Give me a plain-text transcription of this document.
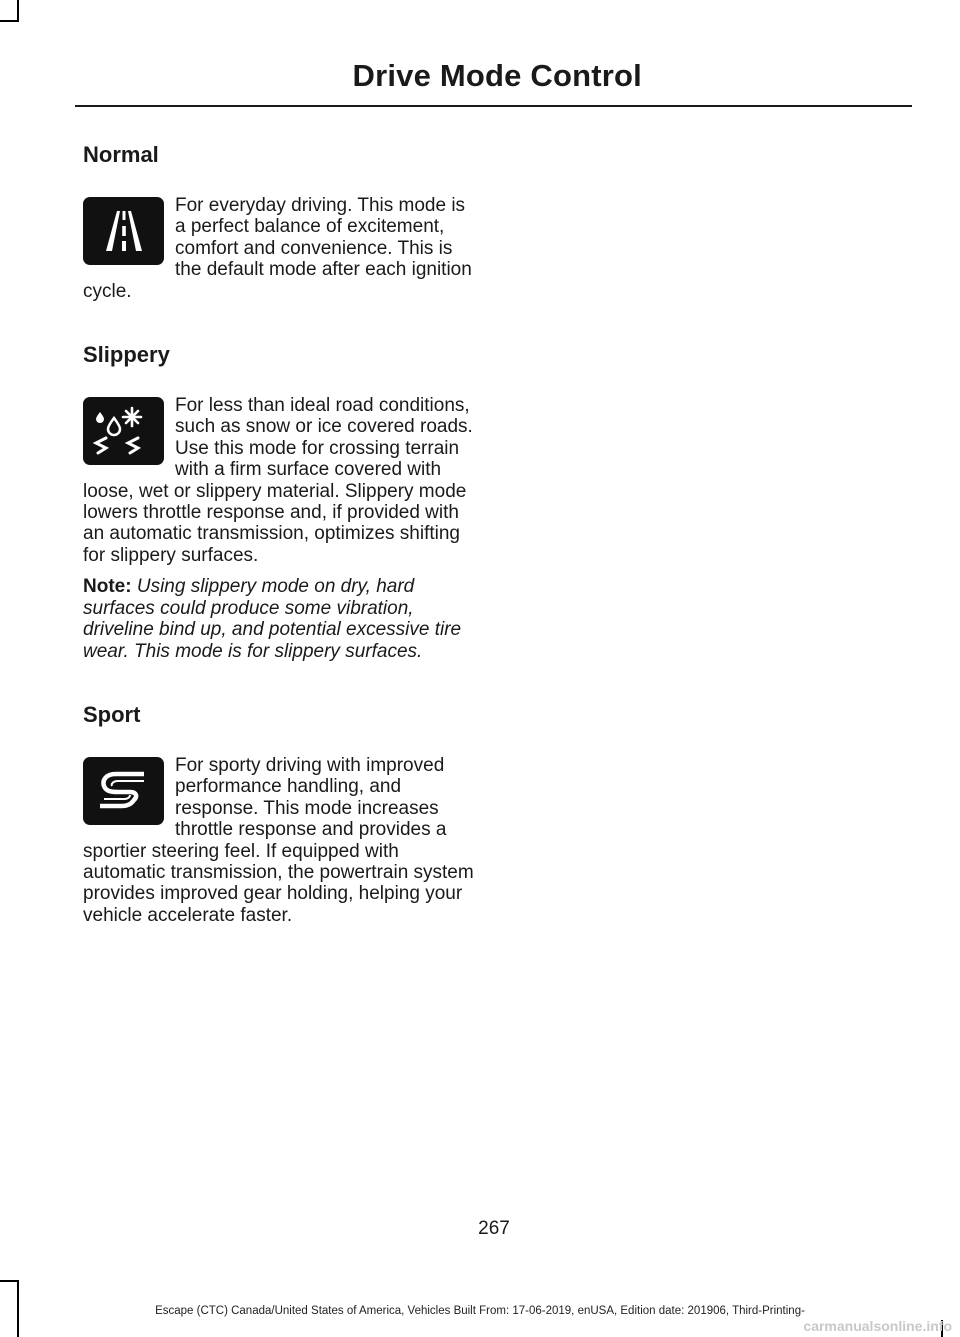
Drive Mode Control
Normal

For everyday driving. This mode is a perfect balance of excitement, comfort and convenience. This is the default mode after each ignition cycle.

Slippery

For less than ideal road conditions, such as snow or ice covered roads. Use this mode for crossing terrain with a firm surface covered with loose, wet or slippery material. Slippery mode lowers throttle response and, if provided with an automatic transmission, optimizes shifting for slippery surfaces.

Note: Using slippery mode on dry, hard surfaces could produce some vibration, driveline bind up, and potential excessive tire wear. This mode is for slippery surfaces.

Sport

For sporty driving with improved performance handling, and response. This mode increases throttle response and provides a sportier steering feel. If equipped with automatic transmission, the powertrain system provides improved gear holding, helping your vehicle accelerate faster.

267
Escape (CTC) Canada/United States of America, Vehicles Built From: 17-06-2019, enUSA, Edition date: 201906, Third-Printing-
carmanualsonline.info
